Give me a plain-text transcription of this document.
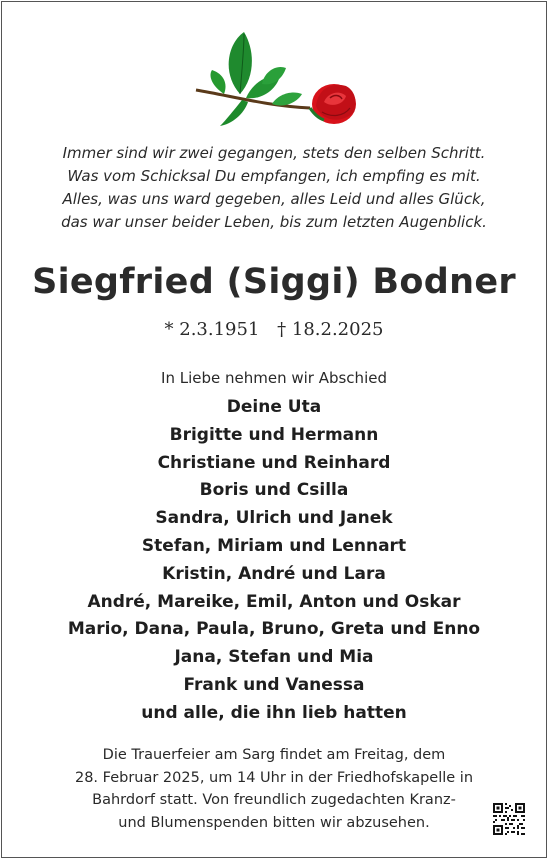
Immer sind wir zwei gegangen, stets den selben Schritt.
Was vom Schicksal Du empfangen, ich empfing es mit.
Alles, was uns ward gegeben, alles Leid und alles Glück,
das war unser beider Leben, bis zum letzten Augenblick.
Siegfried (Siggi) Bodner
* 2.3.1951 † 18.2.2025
In Liebe nehmen wir Abschied
Deine Uta
Brigitte und Hermann
Christiane und Reinhard
Boris und Csilla
Sandra, Ulrich und Janek
Stefan, Miriam und Lennart
Kristin, André und Lara
André, Mareike, Emil, Anton und Oskar
Mario, Dana, Paula, Bruno, Greta und Enno
Jana, Stefan und Mia
Frank und Vanessa
und alle, die ihn lieb hatten
Die Trauerfeier am Sarg findet am Freitag, dem
28. Februar 2025, um 14 Uhr in der Friedhofskapelle in
Bahrdorf statt. Von freundlich zugedachten Kranz-
und Blumenspenden bitten wir abzusehen.
